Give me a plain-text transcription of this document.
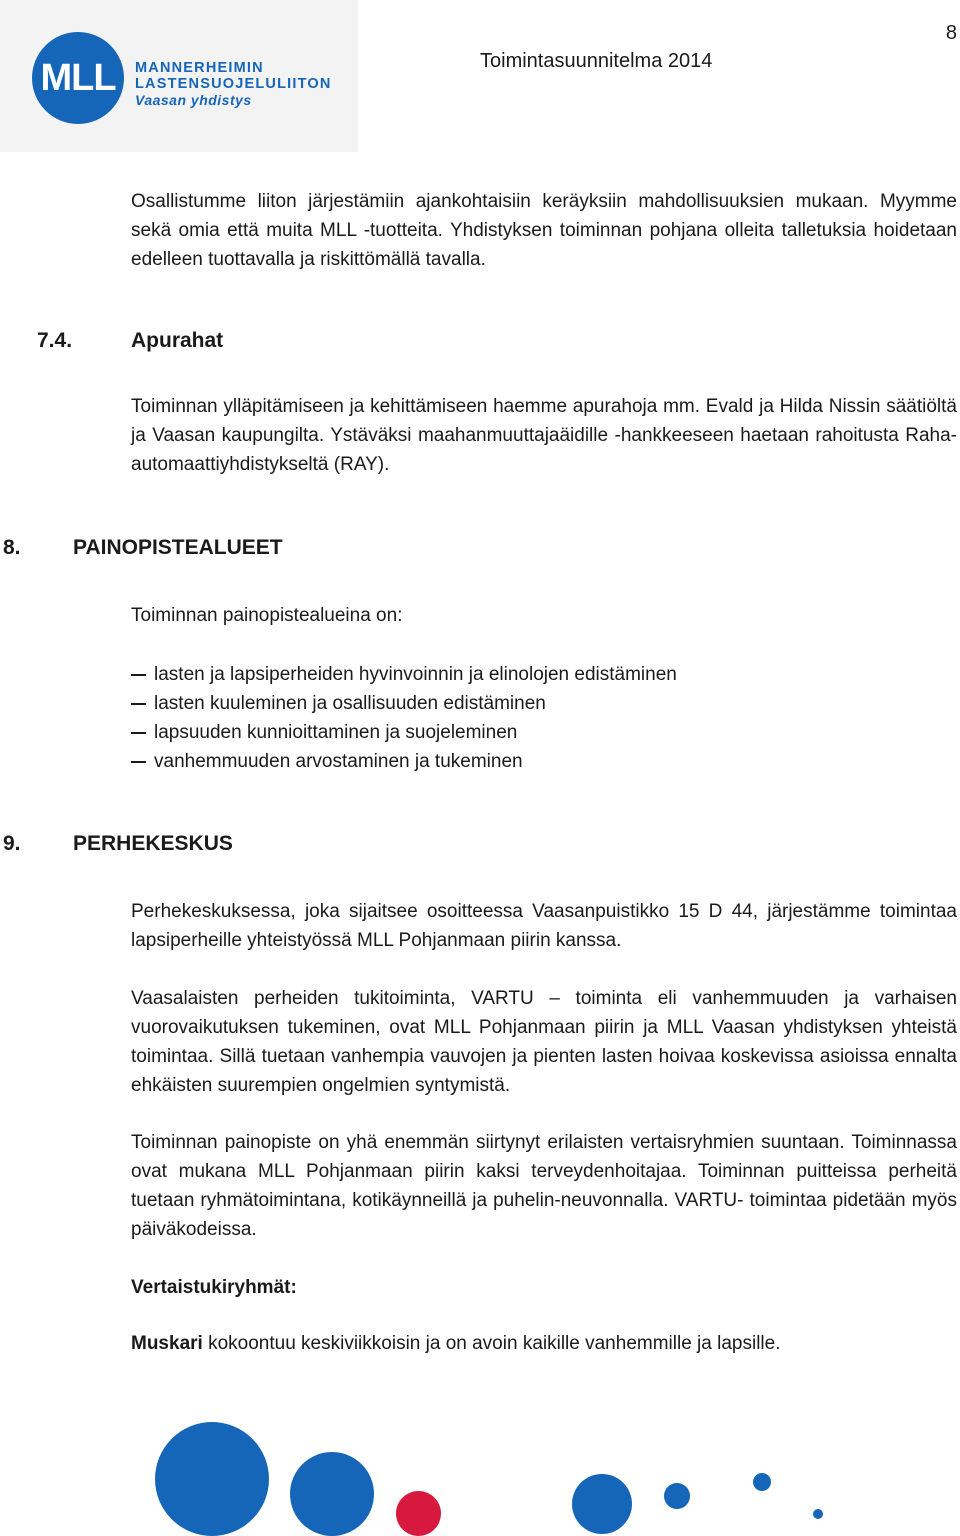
MLL	MANNERHEIMIN
LASTENSUOJELULIITON
Vaasan yhdistys
8
Toimintasuunnitelma 2014
Osallistumme liiton järjestämiin ajankohtaisiin keräyksiin mahdollisuuksien mukaan. Myymme sekä omia että muita MLL -tuotteita. Yhdistyksen toiminnan pohjana olleita talletuksia hoidetaan edelleen tuottavalla ja riskittömällä tavalla.
7.4.	Apurahat
Toiminnan ylläpitämiseen ja kehittämiseen haemme apurahoja mm. Evald ja Hilda Nissin säätiöltä ja Vaasan kaupungilta. Ystäväksi maahanmuuttajaäidille -hankkeeseen haetaan rahoitusta Raha-automaattiyhdistykseltä (RAY).
8. PAINOPISTEALUEET
Toiminnan painopistealueina on:
lasten ja lapsiperheiden hyvinvoinnin ja elinolojen edistäminen
lasten kuuleminen ja osallisuuden edistäminen
lapsuuden kunnioittaminen ja suojeleminen
vanhemmuuden arvostaminen ja tukeminen
9. PERHEKESKUS
Perhekeskuksessa, joka sijaitsee osoitteessa Vaasanpuistikko 15 D 44, järjestämme toimintaa lapsiperheille yhteistyössä MLL Pohjanmaan piirin kanssa.
Vaasalaisten perheiden tukitoiminta, VARTU – toiminta eli vanhemmuuden ja varhaisen vuorovaikutuksen tukeminen, ovat MLL Pohjanmaan piirin ja MLL Vaasan yhdistyksen yhteistä toimintaa. Sillä tuetaan vanhempia vauvojen ja pienten lasten hoivaa koskevissa asioissa ennalta ehkäisten suurempien ongelmien syntymistä.
Toiminnan painopiste on yhä enemmän siirtynyt erilaisten vertaisryhmien suuntaan. Toiminnassa ovat mukana MLL Pohjanmaan piirin kaksi terveydenhoitajaa. Toiminnan puitteissa perheitä tuetaan ryhmätoimintana, kotikäynneillä ja puhelin-neuvonnalla. VARTU- toimintaa pidetään myös päiväkodeissa.
Vertaistukiryhmät:
Muskari kokoontuu keskiviikkoisin ja on avoin kaikille vanhemmille ja lapsille.
